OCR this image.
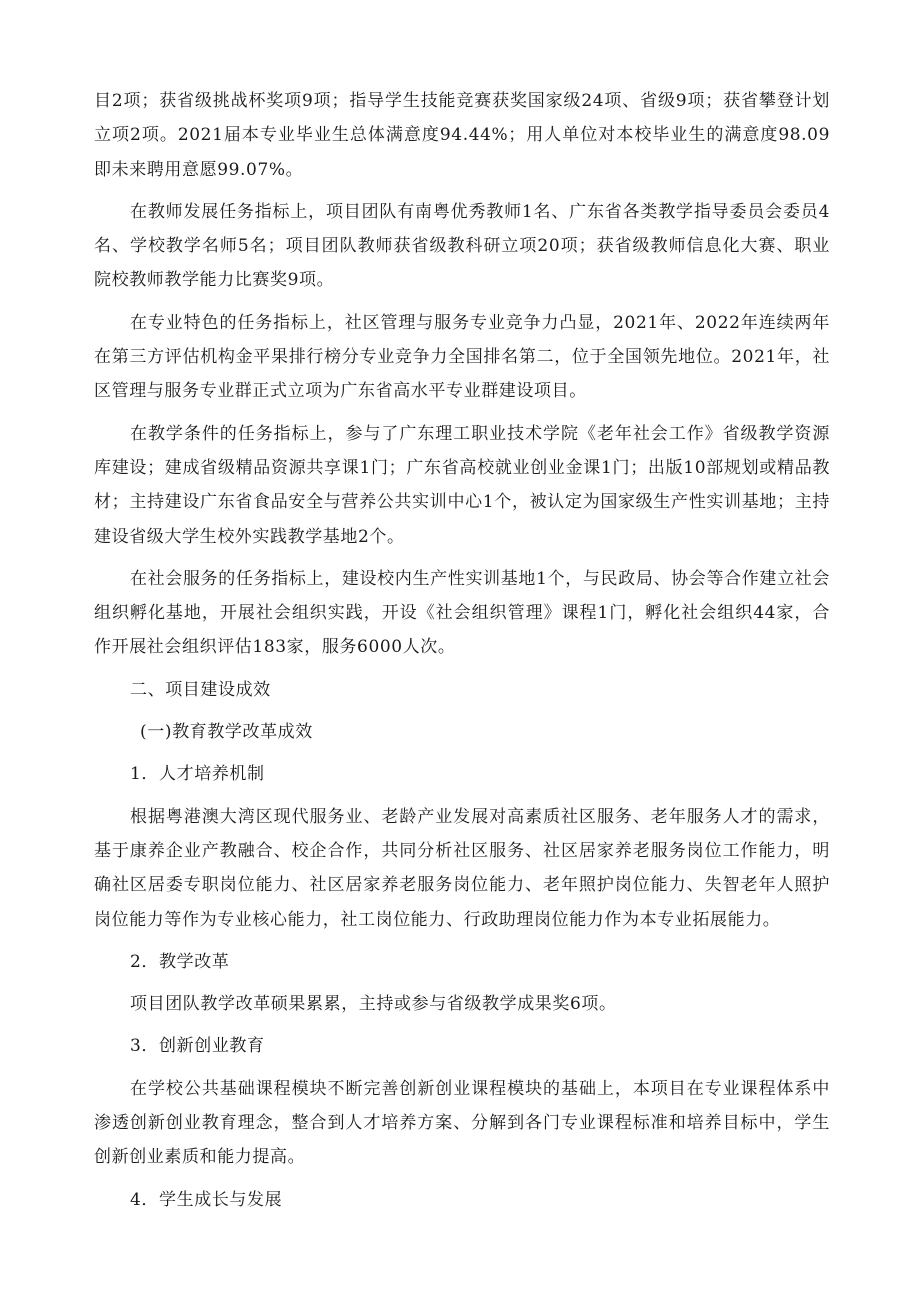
目2项；获省级挑战杯奖项9项；指导学生技能竞赛获奖国家级24项、省级9项；获省攀登计划立项2项。2021届本专业毕业生总体满意度94.44%；用人单位对本校毕业生的满意度98.09即未来聘用意愿99.07%。

在教师发展任务指标上，项目团队有南粤优秀教师1名、广东省各类教学指导委员会委员4名、学校教学名师5名；项目团队教师获省级教科研立项20项；获省级教师信息化大赛、职业院校教师教学能力比赛奖9项。

在专业特色的任务指标上，社区管理与服务专业竞争力凸显，2021年、2022年连续两年在第三方评估机构金平果排行榜分专业竞争力全国排名第二，位于全国领先地位。2021年，社区管理与服务专业群正式立项为广东省高水平专业群建设项目。

在教学条件的任务指标上，参与了广东理工职业技术学院《老年社会工作》省级教学资源库建设；建成省级精品资源共享课1门；广东省高校就业创业金课1门；出版10部规划或精品教材；主持建设广东省食品安全与营养公共实训中心1个，被认定为国家级生产性实训基地；主持建设省级大学生校外实践教学基地2个。

在社会服务的任务指标上，建设校内生产性实训基地1个，与民政局、协会等合作建立社会组织孵化基地，开展社会组织实践，开设《社会组织管理》课程1门，孵化社会组织44家，合作开展社会组织评估183家，服务6000人次。

二、项目建设成效

(一)教育教学改革成效

1．人才培养机制

根据粤港澳大湾区现代服务业、老龄产业发展对高素质社区服务、老年服务人才的需求，基于康养企业产教融合、校企合作，共同分析社区服务、社区居家养老服务岗位工作能力，明确社区居委专职岗位能力、社区居家养老服务岗位能力、老年照护岗位能力、失智老年人照护岗位能力等作为专业核心能力，社工岗位能力、行政助理岗位能力作为本专业拓展能力。

2．教学改革

项目团队教学改革硕果累累，主持或参与省级教学成果奖6项。

3．创新创业教育

在学校公共基础课程模块不断完善创新创业课程模块的基础上，本项目在专业课程体系中渗透创新创业教育理念，整合到人才培养方案、分解到各门专业课程标准和培养目标中，学生创新创业素质和能力提高。

4．学生成长与发展
